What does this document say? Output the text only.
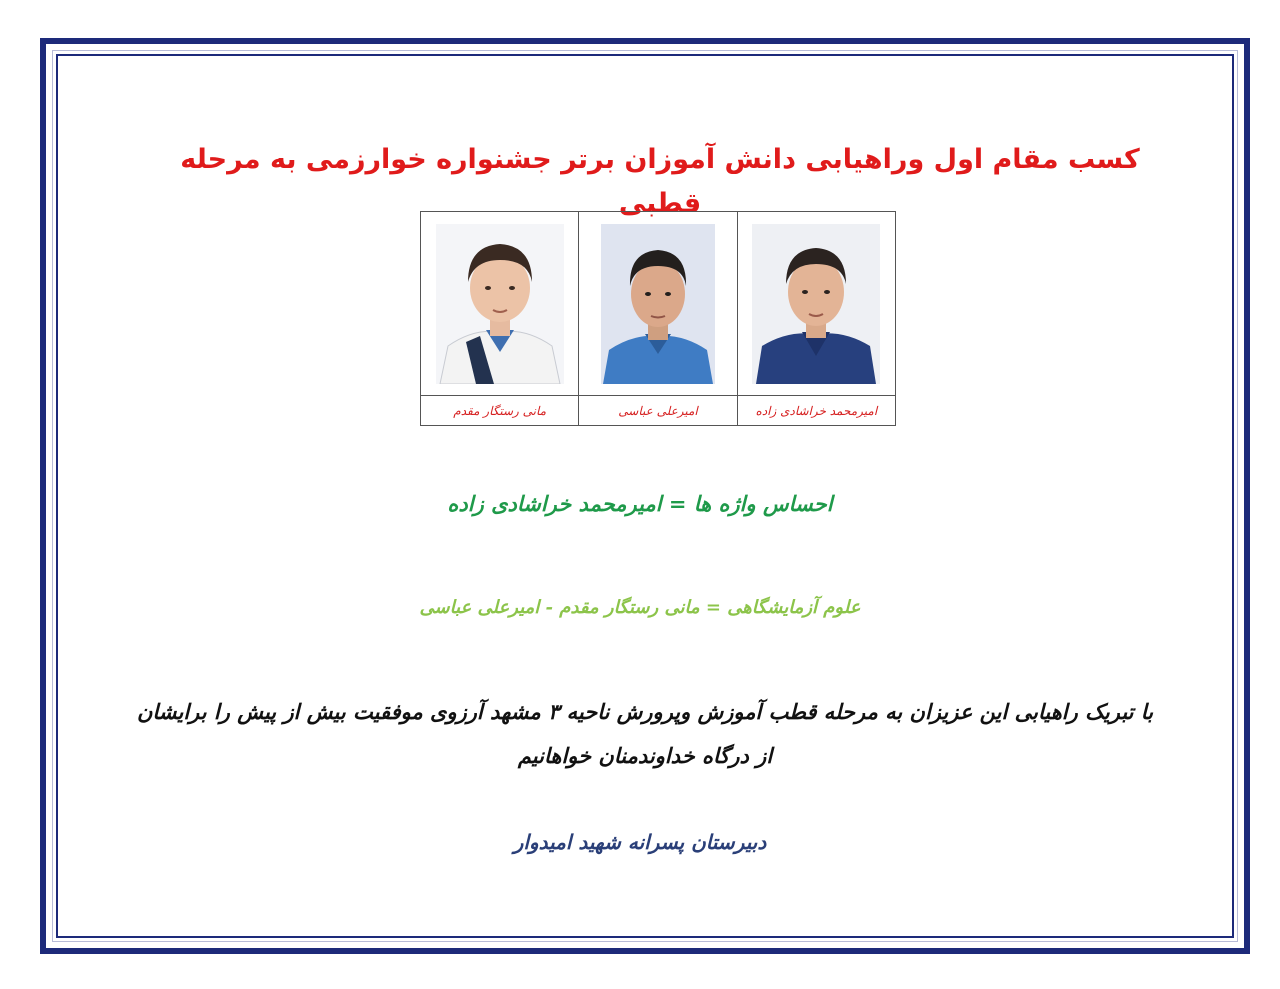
کسب مقام اول وراهیابی دانش آموزان برتر جشنواره خوارزمی به مرحله قطبی
امیرمحمد خراشادی زاده
امیرعلی عباسی
مانی رستگار مقدم
احساس واژه ها = امیرمحمد خراشادی زاده
علوم آزمایشگاهی = مانی رستگار مقدم - امیرعلی عباسی
با تبریک راهیابی این عزیزان به مرحله قطب آموزش وپرورش ناحیه ۳ مشهد آرزوی موفقیت بیش از پیش را برایشان از درگاه خداوندمنان خواهانیم
دبیرستان پسرانه شهید امیدوار
